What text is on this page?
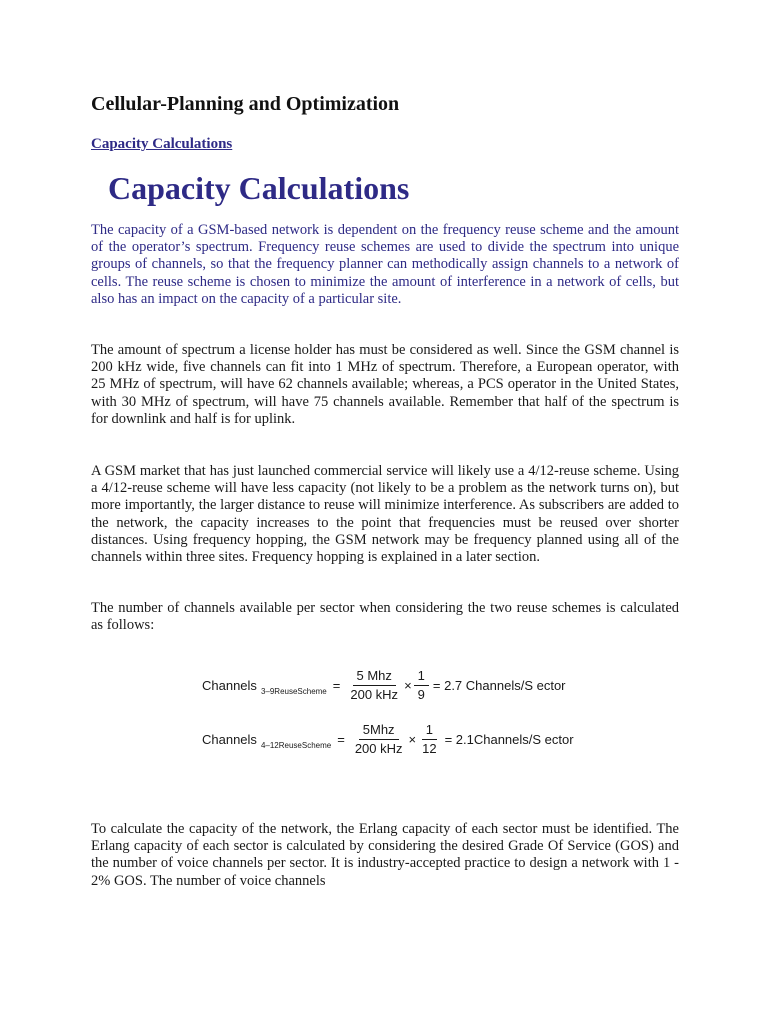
Cellular-Planning and Optimization
Capacity Calculations
Capacity Calculations

The capacity of a GSM-based network is dependent on the frequency reuse scheme and the amount of the operator’s spectrum. Frequency reuse schemes are used to divide the spectrum into unique groups of channels, so that the frequency planner can methodically assign channels to a network of cells. The reuse scheme is chosen to minimize the amount of interference in a network of cells, but also has an impact on the capacity of a particular site.

The amount of spectrum a license holder has must be considered as well. Since the GSM channel is 200 kHz wide, five channels can fit into 1 MHz of spectrum. Therefore, a European operator, with 25 MHz of spectrum, will have 62 channels available; whereas, a PCS operator in the United States, with 30 MHz of spectrum, will have 75 channels available. Remember that half of the spectrum is for downlink and half is for uplink.

A GSM market that has just launched commercial service will likely use a 4/12-reuse scheme. Using a 4/12-reuse scheme will have less capacity (not likely to be a problem as the network turns on), but more importantly, the larger distance to reuse will minimize interference. As subscribers are added to the network, the capacity increases to the point that frequencies must be reused over shorter distances. Using frequency hopping, the GSM network may be frequency planned using all of the channels within three sites. Frequency hopping is explained in a later section.

The number of channels available per sector when considering the two reuse schemes is calculated as follows:

Channels 3–9ReuseScheme = $\frac{\text{5 Mhz}}{\text{200 kHz}} \times \frac{1}{9} = 2.7$ Channels/S ector
Channels 4–12ReuseScheme = $\frac{\text{5Mhz}}{\text{200 kHz}} \times \frac{1}{12}$ = 2.1Channels/S ector

To calculate the capacity of the network, the Erlang capacity of each sector must be identified. The Erlang capacity of each sector is calculated by considering the desired Grade Of Service (GOS) and the number of voice channels per sector. It is industry-accepted practice to design a network with 1 - 2% GOS. The number of voice channels
